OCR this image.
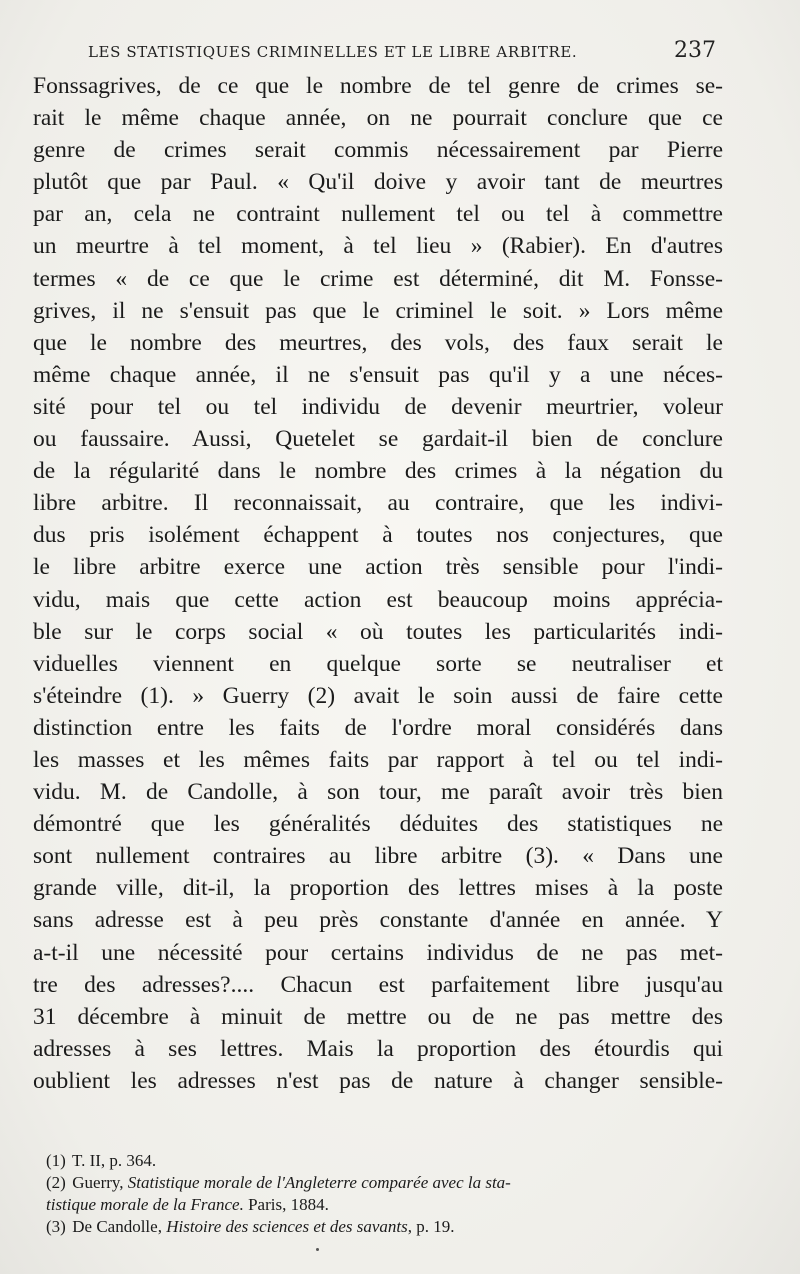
LES STATISTIQUES CRIMINELLES ET LE LIBRE ARBITRE.	237
Fonssagrives, de ce que le nombre de tel genre de crimes se-
rait le même chaque année, on ne pourrait conclure que ce
genre de crimes serait commis nécessairement par Pierre
plutôt que par Paul. « Qu'il doive y avoir tant de meurtres
par an, cela ne contraint nullement tel ou tel à commettre
un meurtre à tel moment, à tel lieu » (Rabier). En d'autres
termes « de ce que le crime est déterminé, dit M. Fonsse-
grives, il ne s'ensuit pas que le criminel le soit. » Lors même
que le nombre des meurtres, des vols, des faux serait le
même chaque année, il ne s'ensuit pas qu'il y a une néces-
sité pour tel ou tel individu de devenir meurtrier, voleur
ou faussaire. Aussi, Quetelet se gardait-il bien de conclure
de la régularité dans le nombre des crimes à la négation du
libre arbitre. Il reconnaissait, au contraire, que les indivi-
dus pris isolément échappent à toutes nos conjectures, que
le libre arbitre exerce une action très sensible pour l'indi-
vidu, mais que cette action est beaucoup moins apprécia-
ble sur le corps social « où toutes les particularités indi-
viduelles viennent en quelque sorte se neutraliser et
s'éteindre (1). » Guerry (2) avait le soin aussi de faire cette
distinction entre les faits de l'ordre moral considérés dans
les masses et les mêmes faits par rapport à tel ou tel indi-
vidu. M. de Candolle, à son tour, me paraît avoir très bien
démontré que les généralités déduites des statistiques ne
sont nullement contraires au libre arbitre (3). « Dans une
grande ville, dit-il, la proportion des lettres mises à la poste
sans adresse est à peu près constante d'année en année. Y
a-t-il une nécessité pour certains individus de ne pas met-
tre des adresses?.... Chacun est parfaitement libre jusqu'au
31 décembre à minuit de mettre ou de ne pas mettre des
adresses à ses lettres. Mais la proportion des étourdis qui
oublient les adresses n'est pas de nature à changer sensible-
(1) T. II, p. 364.
(2) Guerry, Statistique morale de l'Angleterre comparée avec la sta-
tistique morale de la France. Paris, 1884.
(3) De Candolle, Histoire des sciences et des savants, p. 19.
